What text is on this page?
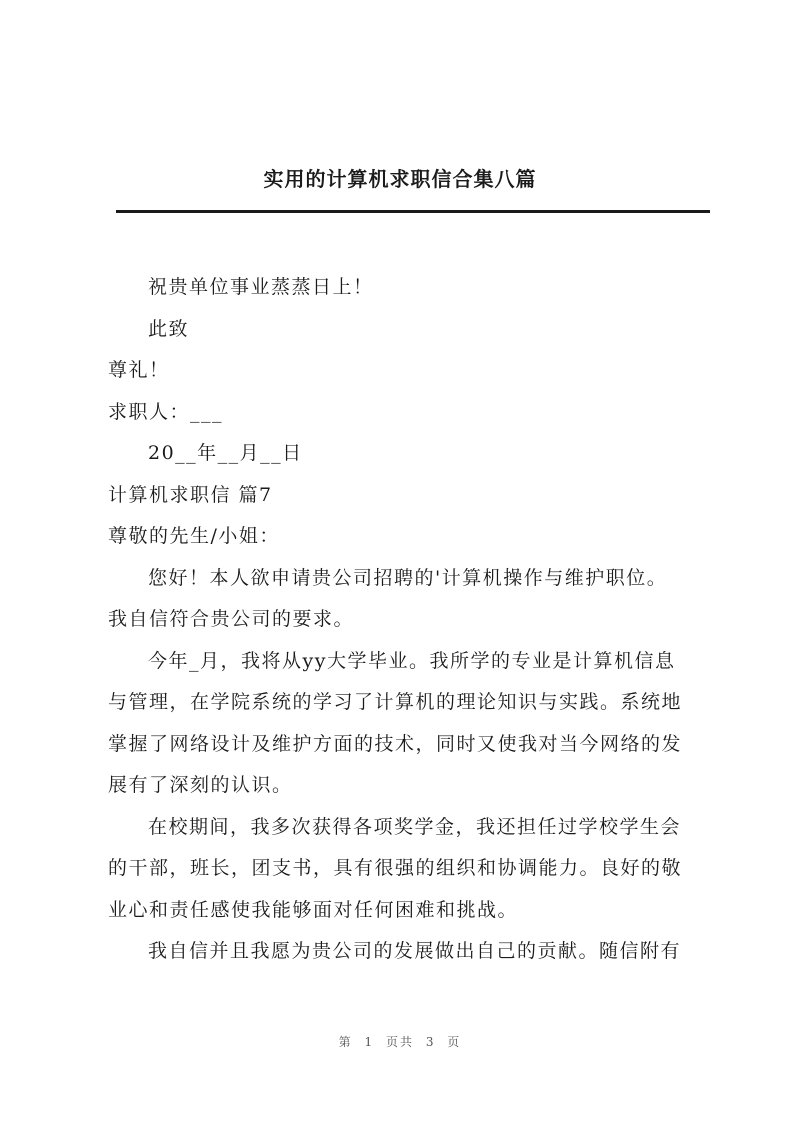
实用的计算机求职信合集八篇
祝贵单位事业蒸蒸日上！
此致
尊礼！
求职人：___
20__年__月__日
计算机求职信 篇7
尊敬的先生/小姐：
您好！本人欲申请贵公司招聘的'计算机操作与维护职位。
我自信符合贵公司的要求。
今年_月，我将从yy大学毕业。我所学的专业是计算机信息
与管理，在学院系统的学习了计算机的理论知识与实践。系统地
掌握了网络设计及维护方面的技术，同时又使我对当今网络的发
展有了深刻的认识。
在校期间，我多次获得各项奖学金，我还担任过学校学生会
的干部，班长，团支书，具有很强的组织和协调能力。良好的敬
业心和责任感使我能够面对任何困难和挑战。
我自信并且我愿为贵公司的发展做出自己的贡献。随信附有
第 1 页共 3 页
